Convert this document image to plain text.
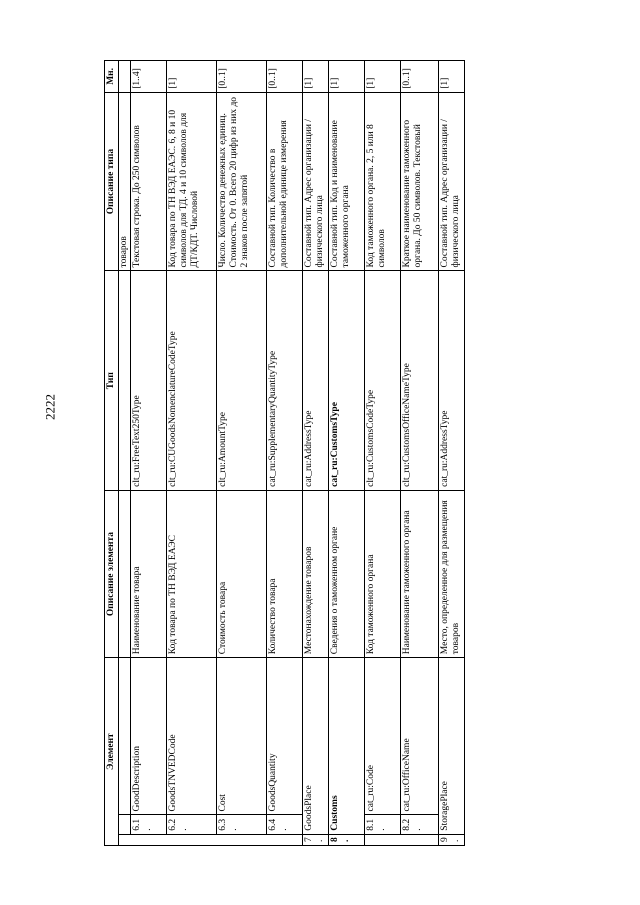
2222
Элемент			Описание элемента	Тип	Описание типа	Мн.
					товаров	
	6.1.	GoodDescription	Наименование товара	clt_ru:FreeText250Type	Текстовая строка. До 250 символов	[1..4]
	6.2.	GoodsTNVEDCode	Код товара по ТН ВЭД ЕАЭС	clt_ru:CUGoodsNomenclatureCodeType	Код товара по ТН ВЭД ЕАЭС. 6, 8 и 10 символов для ТД. 4 и 10 символов для ДТ/КДТ. Числовой	[1]
	6.3.	Cost	Стоимость товара	clt_ru:AmountType	Число. Количество денежных единиц. Стоимость. От 0. Всего 20 цифр из них до 2 знаков после запятой	[0..1]
	6.4.	GoodsQuantity	Количество товара	cat_ru:SupplementaryQuantityType	Составной тип. Количество в дополнительной единице измерения	[0..1]
7.	GoodsPlace		Местонахождение товаров	cat_ru:AddressType	Составной тип. Адрес организации / физического лица	[1]
8.	Customs		Сведения о таможенном органе	cat_ru:CustomsType	Составной тип. Код и наименование таможенного органа	[1]
	8.1.	cat_ru:Code	Код таможенного органа	clt_ru:CustomsCodeType	Код таможенного органа. 2, 5 или 8 символов	[1]
	8.2.	cat_ru:OfficeName	Наименование таможенного органа	clt_ru:CustomsOfficeNameType	Краткое наименование таможенного органа. До 50 символов. Текстовый	[0..1]
9.	StoragePlace		Место, определенное для размещения товаров	cat_ru:AddressType	Составной тип. Адрес организации / физического лица	[1]
